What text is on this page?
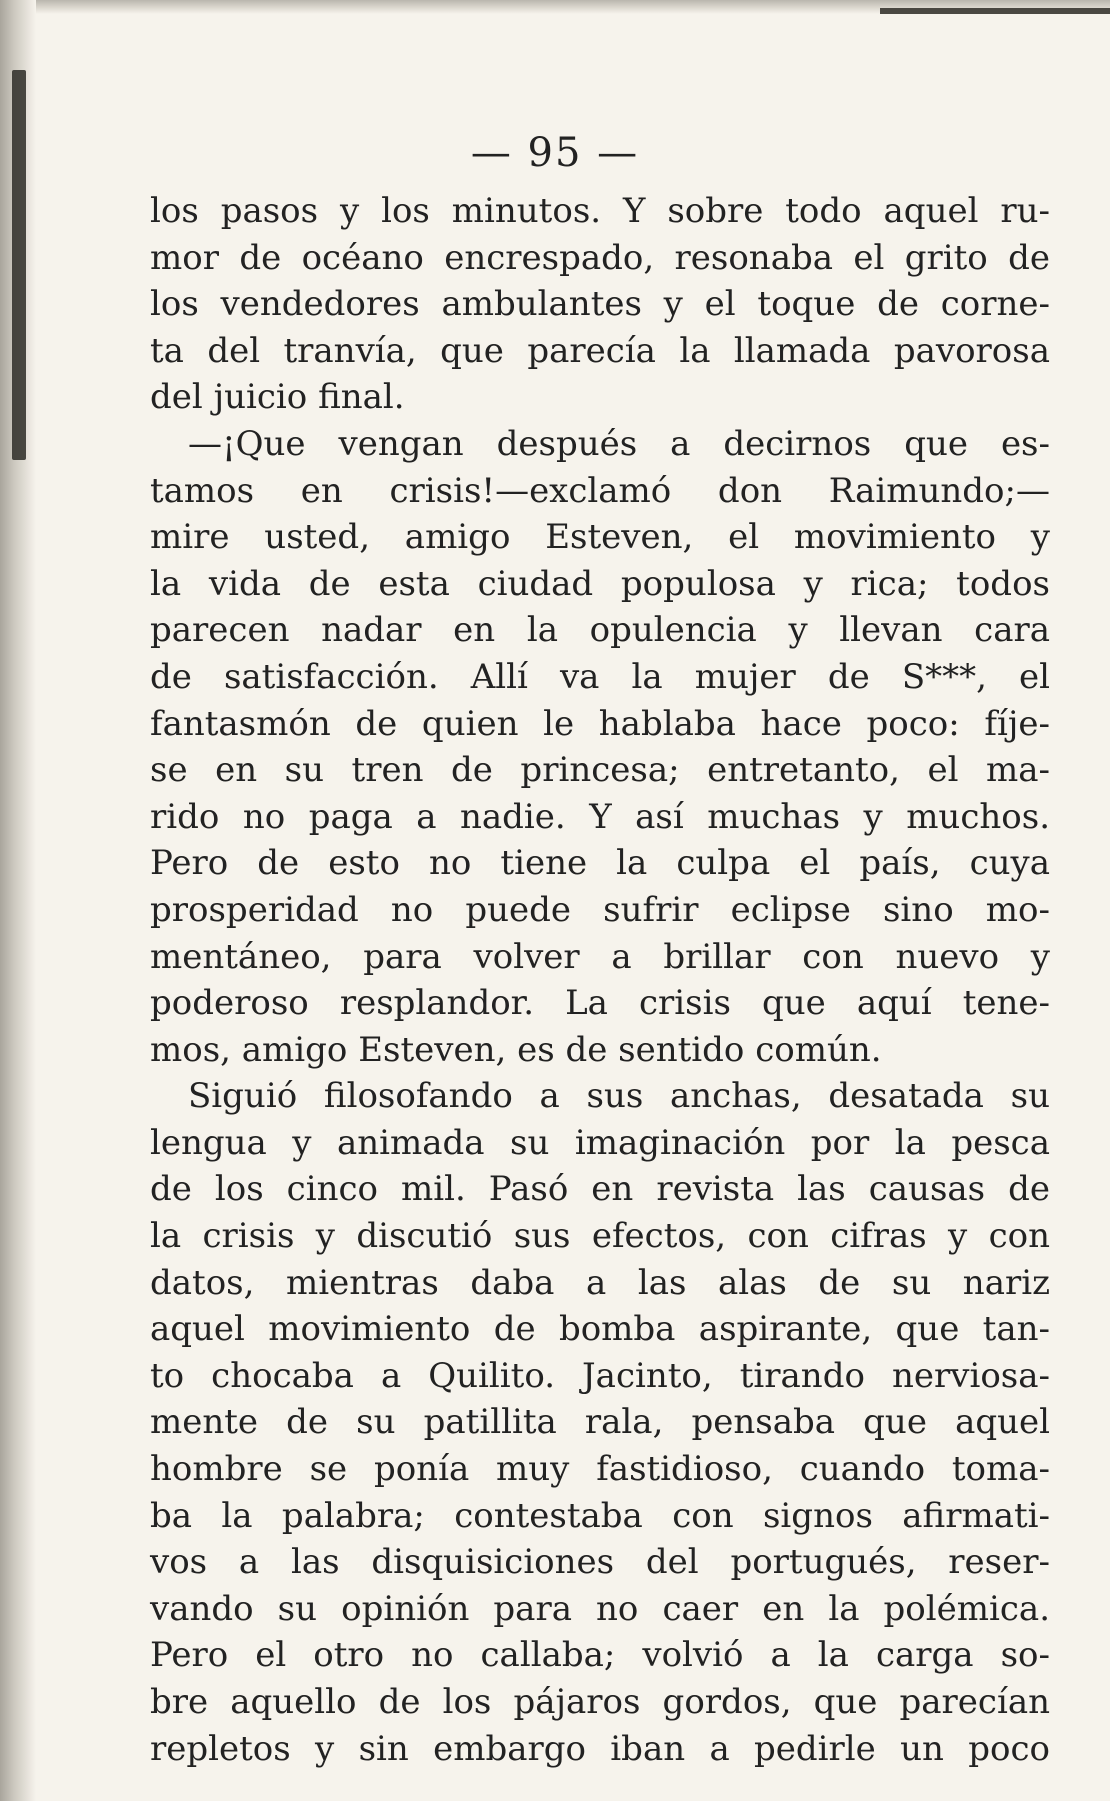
— 95 —
los pasos y los minutos. Y sobre todo aquel ru-
mor de océano encrespado, resonaba el grito de
los vendedores ambulantes y el toque de corne-
ta del tranvía, que parecía la llamada pavorosa
del juicio final.
—¡Que vengan después a decirnos que es-
tamos en crisis!—exclamó don Raimundo;—
mire usted, amigo Esteven, el movimiento y
la vida de esta ciudad populosa y rica; todos
parecen nadar en la opulencia y llevan cara
de satisfacción. Allí va la mujer de S***, el
fantasmón de quien le hablaba hace poco: fíje-
se en su tren de princesa; entretanto, el ma-
rido no paga a nadie. Y así muchas y muchos.
Pero de esto no tiene la culpa el país, cuya
prosperidad no puede sufrir eclipse sino mo-
mentáneo, para volver a brillar con nuevo y
poderoso resplandor. La crisis que aquí tene-
mos, amigo Esteven, es de sentido común.
Siguió filosofando a sus anchas, desatada su
lengua y animada su imaginación por la pesca
de los cinco mil. Pasó en revista las causas de
la crisis y discutió sus efectos, con cifras y con
datos, mientras daba a las alas de su nariz
aquel movimiento de bomba aspirante, que tan-
to chocaba a Quilito. Jacinto, tirando nerviosa-
mente de su patillita rala, pensaba que aquel
hombre se ponía muy fastidioso, cuando toma-
ba la palabra; contestaba con signos afirmati-
vos a las disquisiciones del portugués, reser-
vando su opinión para no caer en la polémica.
Pero el otro no callaba; volvió a la carga so-
bre aquello de los pájaros gordos, que parecían
repletos y sin embargo iban a pedirle un poco
